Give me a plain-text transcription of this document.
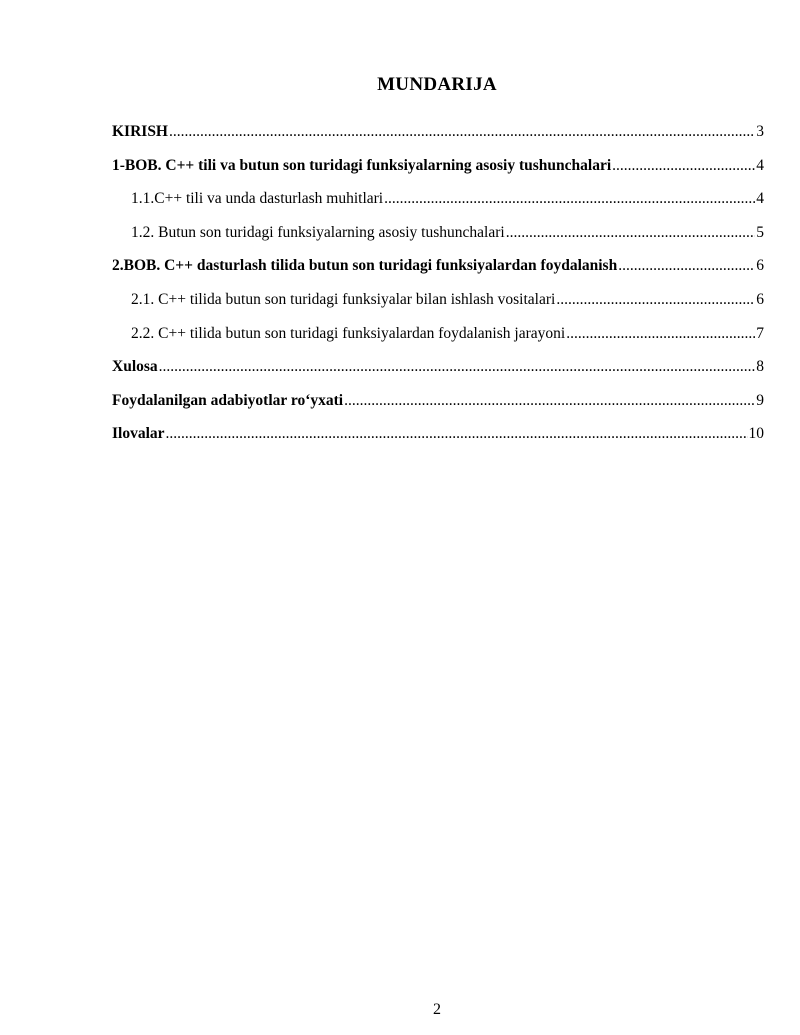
MUNDARIJA
KIRISH .....	3
1-BOB. C++ tili va butun son turidagi funksiyalarning asosiy tushunchalari .....	4
1.1.C++ tili va unda dasturlash muhitlari .....	4
1.2. Butun son turidagi funksiyalarning asosiy tushunchalari .....	5
2.BOB. C++ dasturlash tilida butun son turidagi funksiyalardan foydalanish .....	6
2.1. C++ tilida butun son turidagi funksiyalar bilan ishlash vositalari .....	6
2.2. C++ tilida butun son turidagi funksiyalardan foydalanish jarayoni .....	7
Xulosa .....	8
Foydalanilgan adabiyotlar ro‘yxati .....	9
Ilovalar .....	10
2
